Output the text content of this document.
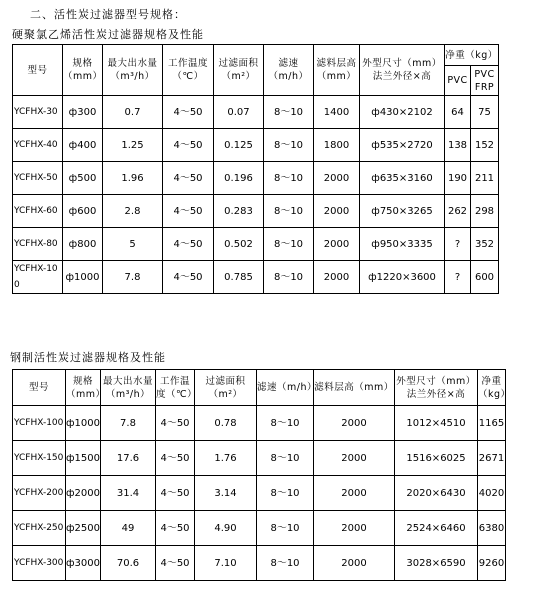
二、活性炭过滤器型号规格：
硬聚氯乙烯活性炭过滤器规格及性能
型号	规格（mm）	最大出水量（m³/h）	工作温度（℃）	过滤面积（m²）	滤速（m/h）	滤料层高（mm）	外型尺寸（mm）法兰外径×高	净重（kg）	
								PVC	PVC FRP
YCFHX-30	ф300	0.7	4～50	0.07	8～10	1400	ф430×2102	64	75
YCFHX-40	ф400	1.25	4～50	0.125	8～10	1800	ф535×2720	138	152
YCFHX-50	ф500	1.96	4～50	0.196	8～10	2000	ф635×3160	190	211
YCFHX-60	ф600	2.8	4～50	0.283	8～10	2000	ф750×3265	262	298
YCFHX-80	ф800	5	4～50	0.502	8～10	2000	ф950×3335	?	352
YCFHX-100	ф1000	7.8	4～50	0.785	8～10	2000	ф1220×3600	?	600
钢制活性炭过滤器规格及性能
型号	规格（mm）	最大出水量（m³/h）	工作温度（℃）	过滤面积（m²）	滤速（m/h）	滤料层高（mm）	外型尺寸（mm）法兰外径×高	净重（kg）
YCFHX-100	ф1000	7.8	4～50	0.78	8～10	2000	1012×4510	1165
YCFHX-150	ф1500	17.6	4～50	1.76	8～10	2000	1516×6025	2671
YCFHX-200	ф2000	31.4	4～50	3.14	8～10	2000	2020×6430	4020
YCFHX-250	ф2500	49	4～50	4.90	8～10	2000	2524×6460	6380
YCFHX-300	ф3000	70.6	4～50	7.10	8～10	2000	3028×6590	9260
